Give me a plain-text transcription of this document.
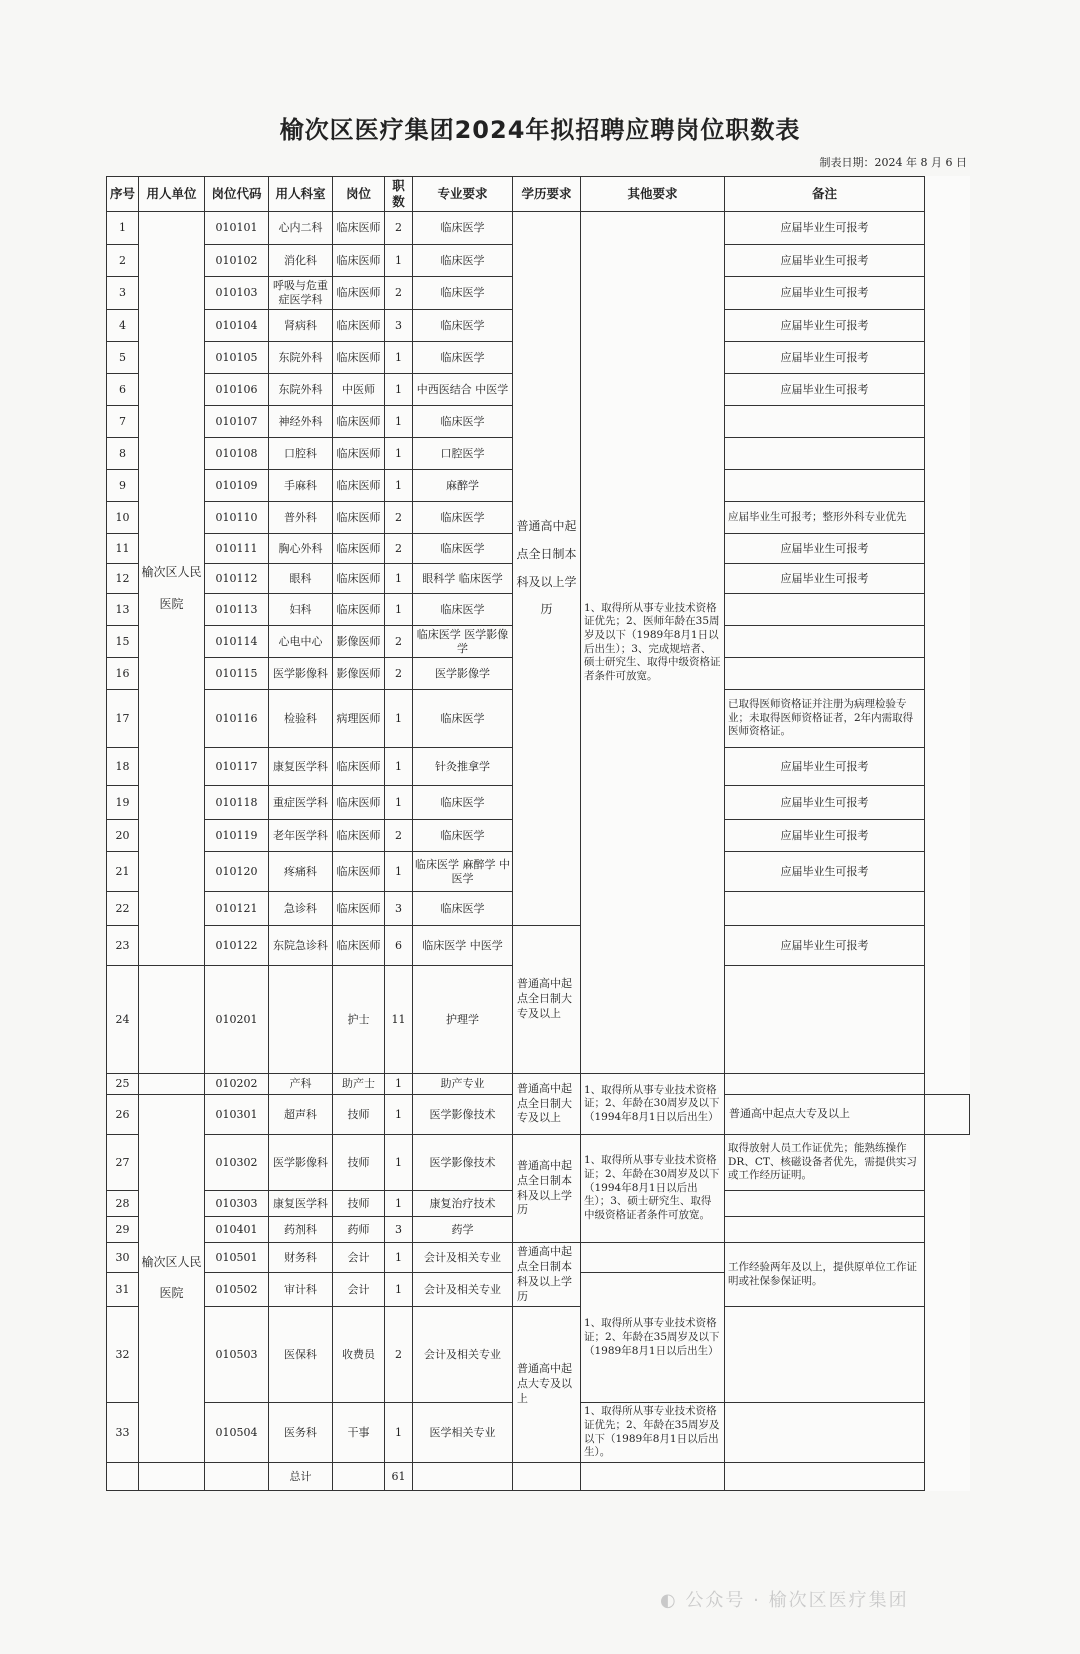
榆次区医疗集团2024年拟招聘应聘岗位职数表
制表日期：2024 年 8 月 6 日
序号	用人单位	岗位代码	用人科室	岗位	职数	专业要求	学历要求	其他要求	备注	
1	榆次区人民医院	010101	心内二科	临床医师	2	临床医学	普通高中起点全日制本科及以上学历	1、取得所从事专业技术资格证优先；2、医师年龄在35周岁及以下（1989年8月1日以后出生）；3、完成规培者、硕士研究生、取得中级资格证者条件可放宽。	应届毕业生可报考	
2		010102	消化科	临床医师	1	临床医学			应届毕业生可报考	
3		010103	呼吸与危重症医学科	临床医师	2	临床医学			应届毕业生可报考	
4		010104	肾病科	临床医师	3	临床医学			应届毕业生可报考	
5		010105	东院外科	临床医师	1	临床医学			应届毕业生可报考	
6		010106	东院外科	中医师	1	中西医结合 中医学			应届毕业生可报考	
7		010107	神经外科	临床医师	1	临床医学				
8		010108	口腔科	临床医师	1	口腔医学				
9		010109	手麻科	临床医师	1	麻醉学				
10		010110	普外科	临床医师	2	临床医学			应届毕业生可报考；整形外科专业优先	
11		010111	胸心外科	临床医师	2	临床医学			应届毕业生可报考	
12		010112	眼科	临床医师	1	眼科学 临床医学			应届毕业生可报考	
13		010113	妇科	临床医师	1	临床医学				
15		010114	心电中心	影像医师	2	临床医学 医学影像学				
16		010115	医学影像科	影像医师	2	医学影像学				
17		010116	检验科	病理医师	1	临床医学			已取得医师资格证并注册为病理检验专业；未取得医师资格证者，2年内需取得医师资格证。	
18		010117	康复医学科	临床医师	1	针灸推拿学			应届毕业生可报考	
19		010118	重症医学科	临床医师	1	临床医学			应届毕业生可报考	
20		010119	老年医学科	临床医师	2	临床医学			应届毕业生可报考	
21		010120	疼痛科	临床医师	1	临床医学 麻醉学 中医学			应届毕业生可报考	
22		010121	急诊科	临床医师	3	临床医学				
23		010122	东院急诊科	临床医师	6	临床医学 中医学	普通高中起点全日制大专及以上		应届毕业生可报考	
24		010201		护士	11	护理学				
25		010202	产科	助产士	1	助产专业	普通高中起点全日制大专及以上	1、取得所从事专业技术资格证；2、年龄在30周岁及以下（1994年8月1日以后出生）		
26	榆次区人民医院	010301	超声科	技师	1	医学影像技术			普通高中起点大专及以上	
27		010302	医学影像科	技师	1	医学影像技术	普通高中起点全日制本科及以上学历	1、取得所从事专业技术资格证；2、年龄在30周岁及以下（1994年8月1日以后出生）；3、硕士研究生、取得中级资格证者条件可放宽。	取得放射人员工作证优先；能熟练操作DR、CT、核磁设备者优先，需提供实习或工作经历证明。	
28		010303	康复医学科	技师	1	康复治疗技术				
29		010401	药剂科	药师	3	药学				
30		010501	财务科	会计	1	会计及相关专业	普通高中起点全日制本科及以上学历		工作经验两年及以上，提供原单位工作证明或社保参保证明。	
31		010502	审计科	会计	1	会计及相关专业		1、取得所从事专业技术资格证；2、年龄在35周岁及以下（1989年8月1日以后出生）		
32		010503	医保科	收费员	2	会计及相关专业	普通高中起点大专及以上			
33		010504	医务科	干事	1	医学相关专业		1、取得所从事专业技术资格证优先；2、年龄在35周岁及以下（1989年8月1日以后出生）。		
			总计		61					
◐ 公众号 · 榆次区医疗集团
